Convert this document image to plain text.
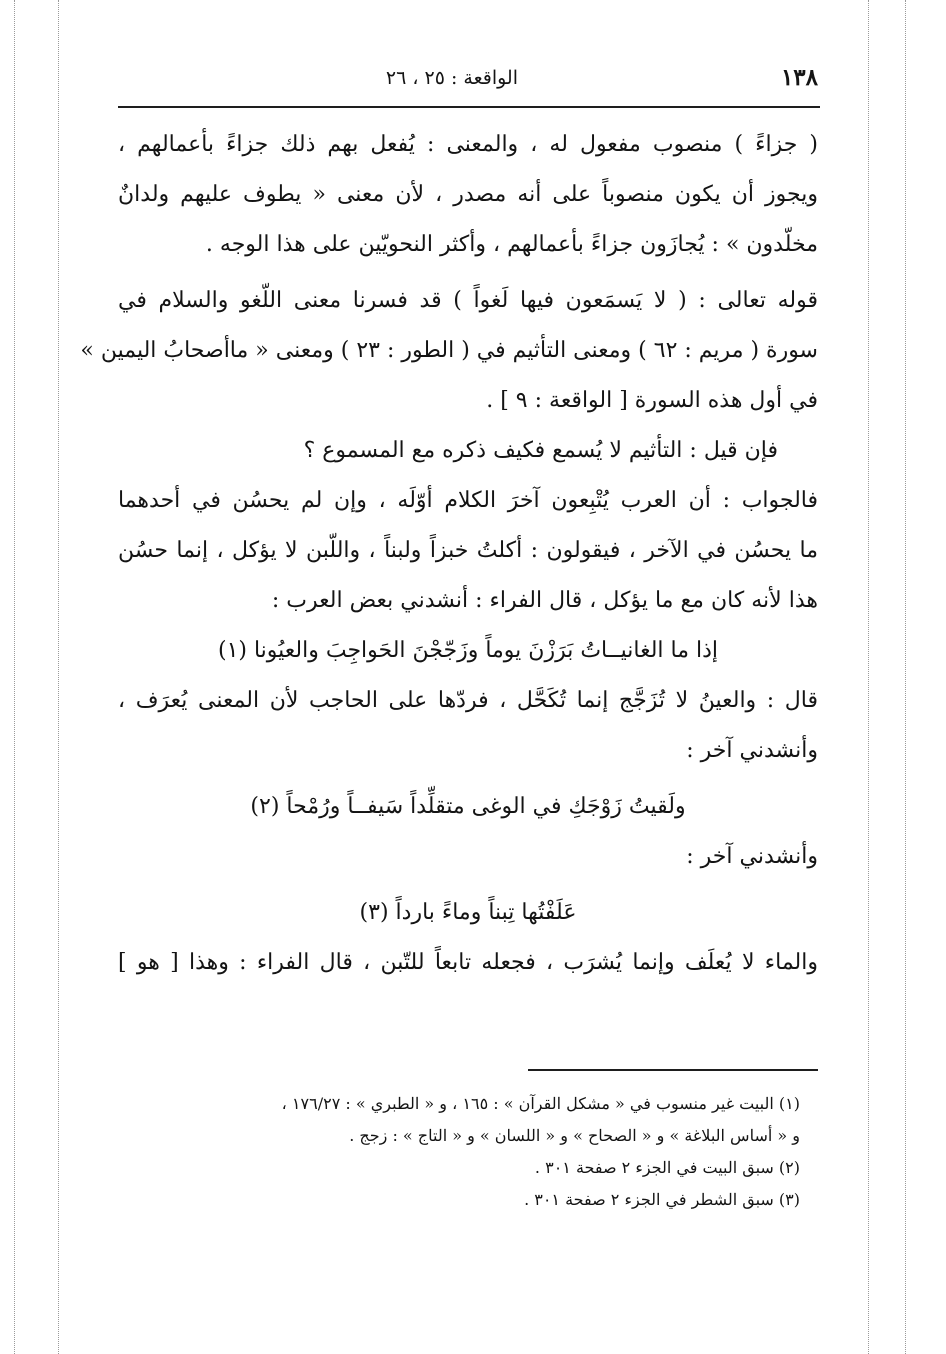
١٣٨
الواقعة : ٢٥ ، ٢٦
( جزاءً ) منصوب مفعول له ، والمعنى : يُفعل بهم ذلك جزاءً بأعمالهم ،
ويجوز أن يكون منصوباً على أنه مصدر ، لأن معنى « يطوف عليهم ولدانٌ
مخلّدون » : يُجازَون جزاءً بأعمالهم ، وأكثر النحويّين على هذا الوجه .
قوله تعالى : ( لا يَسمَعون فيها لَغواً ) قد فسرنا معنى اللّغو والسلام في
سورة ( مريم : ٦٢ ) ومعنى التأثيم في ( الطور : ٢٣ ) ومعنى « ماأصحابُ اليمين »
في أول هذه السورة [ الواقعة : ٩ ] .
فإن قيل : التأثيم لا يُسمع فكيف ذكره مع المسموع ؟
فالجواب : أن العرب يُتْبِعون آخرَ الكلام أوّلَه ، وإن لم يحسُن في أحدهما
ما يحسُن في الآخر ، فيقولون : أكلتُ خبزاً ولبناً ، واللّبن لا يؤكل ، إنما حسُن
هذا لأنه كان مع ما يؤكل ، قال الفراء : أنشدني بعض العرب :
إذا ما الغانيــاتُ بَرَزْنَ يوماً وزَجّجْنَ الحَواجِبَ والعيُونا (١)
قال : والعينُ لا تُزَجَّج إنما تُكَحَّل ، فردّها على الحاجب لأن المعنى يُعرَف ،
وأنشدني آخر :
ولَقيتُ زَوْجَكِ في الوغى متقلِّداً سَيفــاً ورُمْحاً (٢)
وأنشدني آخر :
عَلَفْتُها تِبناً وماءً بارداً (٣)
والماء لا يُعلَف وإنما يُشرَب ، فجعله تابعاً للتّبن ، قال الفراء : وهذا [ هو ]
(١) البيت غير منسوب في « مشكل القرآن » : ١٦٥ ، و « الطبري » : ١٧٦/٢٧ ،
و « أساس البلاغة » و « الصحاح » و « اللسان » و « التاج » : زجج .
(٢) سبق البيت في الجزء ٢ صفحة ٣٠١ .
(٣) سبق الشطر في الجزء ٢ صفحة ٣٠١ .
